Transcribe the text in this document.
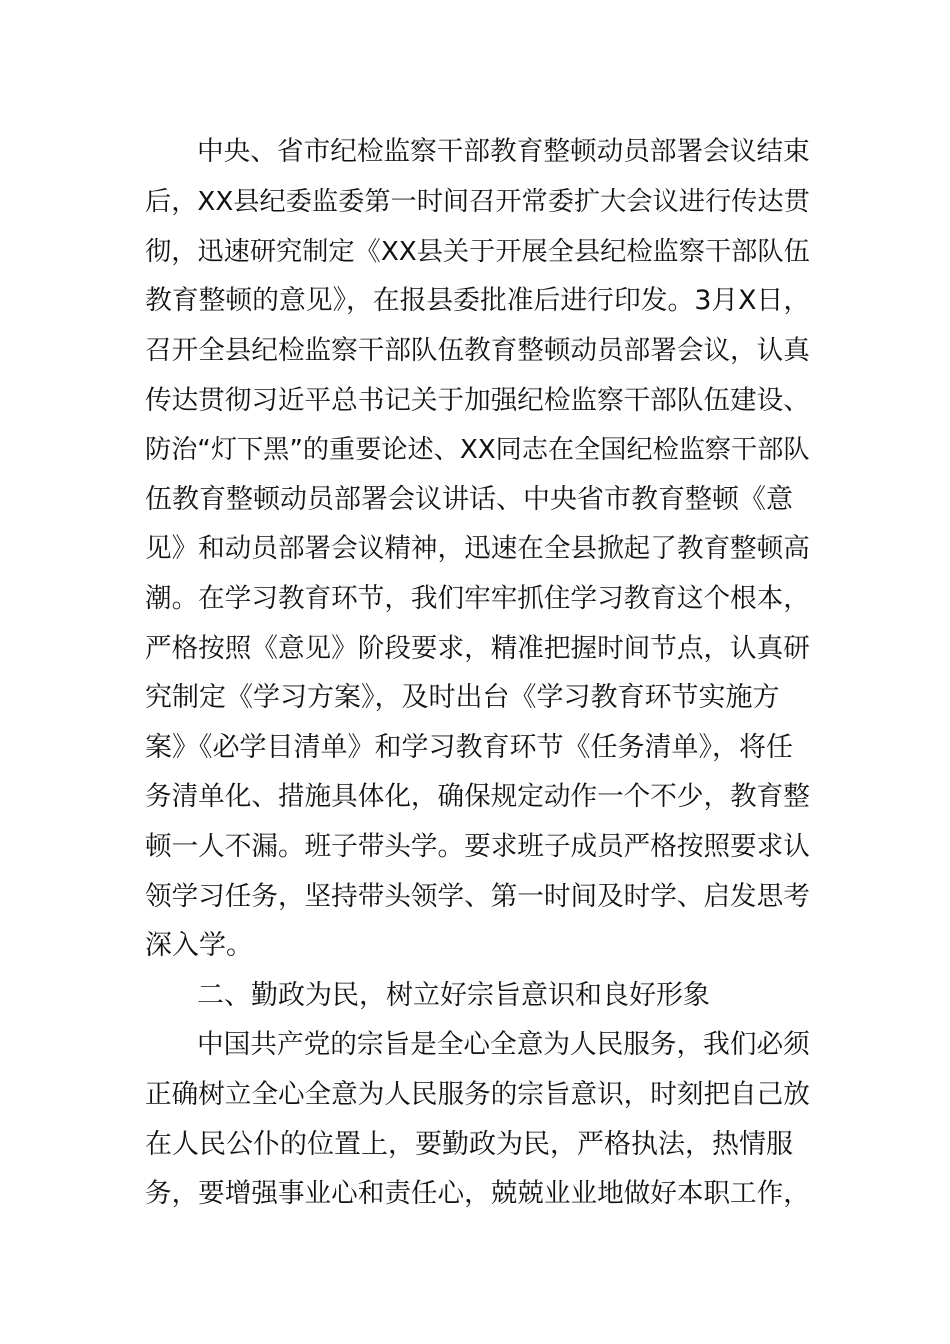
中央、省市纪检监察干部教育整顿动员部署会议结束
后，XX县纪委监委第一时间召开常委扩大会议进行传达贯
彻，迅速研究制定《XX县关于开展全县纪检监察干部队伍
教育整顿的意见》，在报县委批准后进行印发。3月X日，
召开全县纪检监察干部队伍教育整顿动员部署会议，认真
传达贯彻习近平总书记关于加强纪检监察干部队伍建设、
防治“灯下黑”的重要论述、XX同志在全国纪检监察干部队
伍教育整顿动员部署会议讲话、中央省市教育整顿《意
见》和动员部署会议精神，迅速在全县掀起了教育整顿高
潮。在学习教育环节，我们牢牢抓住学习教育这个根本，
严格按照《意见》阶段要求，精准把握时间节点，认真研
究制定《学习方案》，及时出台《学习教育环节实施方
案》《必学目清单》和学习教育环节《任务清单》，将任
务清单化、措施具体化，确保规定动作一个不少，教育整
顿一人不漏。班子带头学。要求班子成员严格按照要求认
领学习任务，坚持带头领学、第一时间及时学、启发思考
深入学。
二、勤政为民，树立好宗旨意识和良好形象
中国共产党的宗旨是全心全意为人民服务，我们必须
正确树立全心全意为人民服务的宗旨意识，时刻把自己放
在人民公仆的位置上，要勤政为民，严格执法，热情服
务，要增强事业心和责任心，兢兢业业地做好本职工作，
